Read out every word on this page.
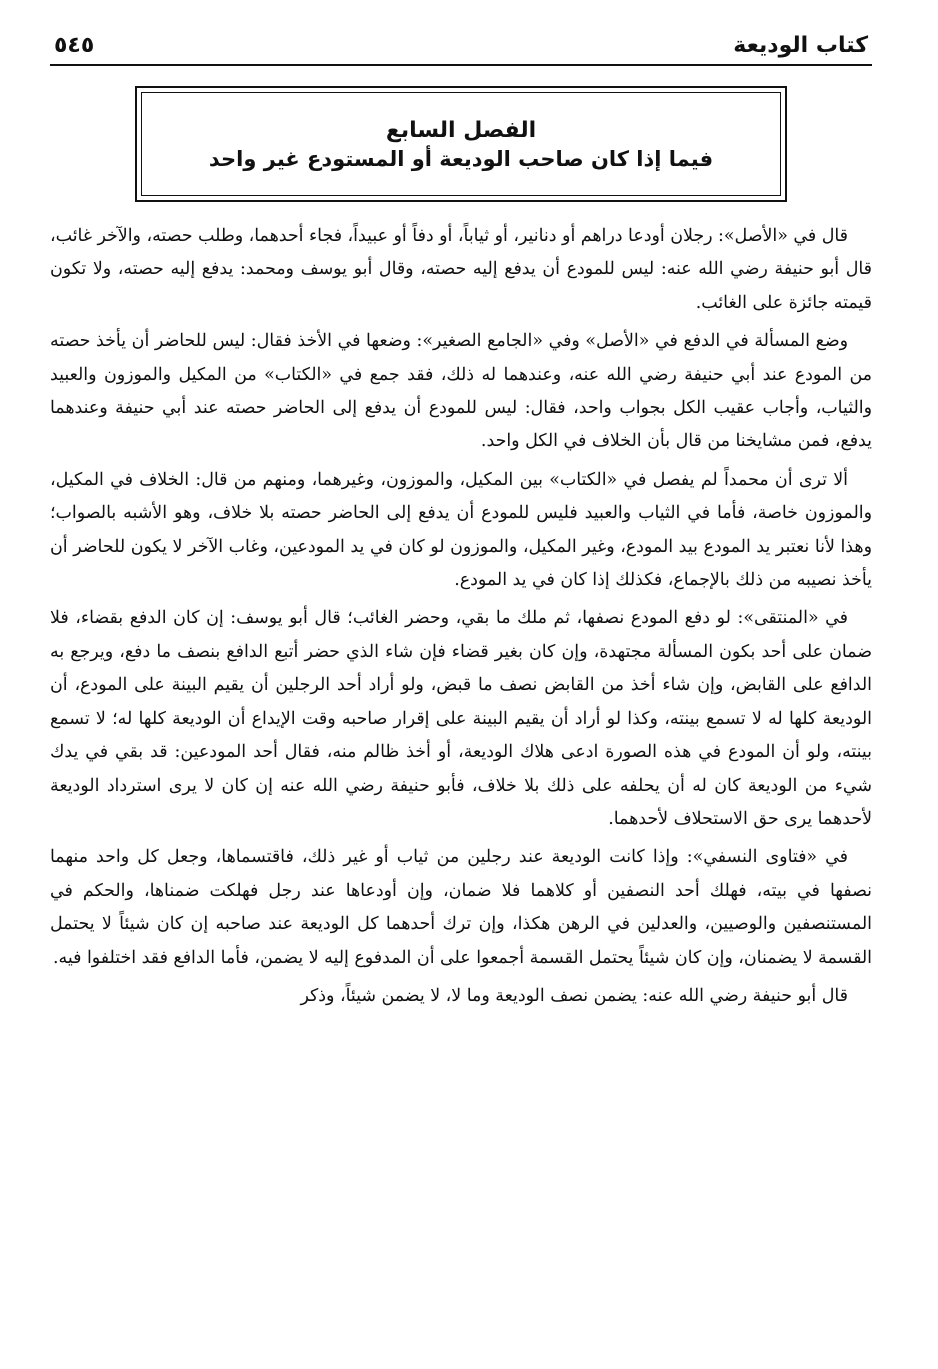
كتاب الوديعة
٥٤٥
الفصل السابع
فيما إذا كان صاحب الوديعة أو المستودع غير واحد

قال في «الأصل»: رجلان أودعا دراهم أو دنانير، أو ثياباً، أو دفاً أو عبيداً، فجاء أحدهما، وطلب حصته، والآخر غائب، قال أبو حنيفة رضي الله عنه: ليس للمودع أن يدفع إليه حصته، وقال أبو يوسف ومحمد: يدفع إليه حصته، ولا تكون قيمته جائزة على الغائب.

وضع المسألة في الدفع في «الأصل» وفي «الجامع الصغير»: وضعها في الأخذ فقال: ليس للحاضر أن يأخذ حصته من المودع عند أبي حنيفة رضي الله عنه، وعندهما له ذلك، فقد جمع في «الكتاب» من المكيل والموزون والعبيد والثياب، وأجاب عقيب الكل بجواب واحد، فقال: ليس للمودع أن يدفع إلى الحاضر حصته عند أبي حنيفة وعندهما يدفع، فمن مشايخنا من قال بأن الخلاف في الكل واحد.

ألا ترى أن محمداً لم يفصل في «الكتاب» بين المكيل، والموزون، وغيرهما، ومنهم من قال: الخلاف في المكيل، والموزون خاصة، فأما في الثياب والعبيد فليس للمودع أن يدفع إلى الحاضر حصته بلا خلاف، وهو الأشبه بالصواب؛ وهذا لأنا نعتبر يد المودع بيد المودع، وغير المكيل، والموزون لو كان في يد المودعين، وغاب الآخر لا يكون للحاضر أن يأخذ نصيبه من ذلك بالإجماع، فكذلك إذا كان في يد المودع.

في «المنتقى»: لو دفع المودع نصفها، ثم ملك ما بقي، وحضر الغائب؛ قال أبو يوسف: إن كان الدفع بقضاء، فلا ضمان على أحد بكون المسألة مجتهدة، وإن كان بغير قضاء فإن شاء الذي حضر أتبع الدافع بنصف ما دفع، ويرجع به الدافع على القابض، وإن شاء أخذ من القابض نصف ما قبض، ولو أراد أحد الرجلين أن يقيم البينة على المودع، أن الوديعة كلها له لا تسمع بينته، وكذا لو أراد أن يقيم البينة على إقرار صاحبه وقت الإيداع أن الوديعة كلها له؛ لا تسمع بينته، ولو أن المودع في هذه الصورة ادعى هلاك الوديعة، أو أخذ ظالم منه، فقال أحد المودعين: قد بقي في يدك شيء من الوديعة كان له أن يحلفه على ذلك بلا خلاف، فأبو حنيفة رضي الله عنه إن كان لا يرى استرداد الوديعة لأحدهما يرى حق الاستحلاف لأحدهما.

في «فتاوى النسفي»: وإذا كانت الوديعة عند رجلين من ثياب أو غير ذلك، فاقتسماها، وجعل كل واحد منهما نصفها في بيته، فهلك أحد النصفين أو كلاهما فلا ضمان، وإن أودعاها عند رجل فهلكت ضمناها، والحكم في المستنصفين والوصيين، والعدلين في الرهن هكذا، وإن ترك أحدهما كل الوديعة عند صاحبه إن كان شيئاً لا يحتمل القسمة لا يضمنان، وإن كان شيئاً يحتمل القسمة أجمعوا على أن المدفوع إليه لا يضمن، فأما الدافع فقد اختلفوا فيه.

قال أبو حنيفة رضي الله عنه: يضمن نصف الوديعة وما لا، لا يضمن شيئاً، وذكر
